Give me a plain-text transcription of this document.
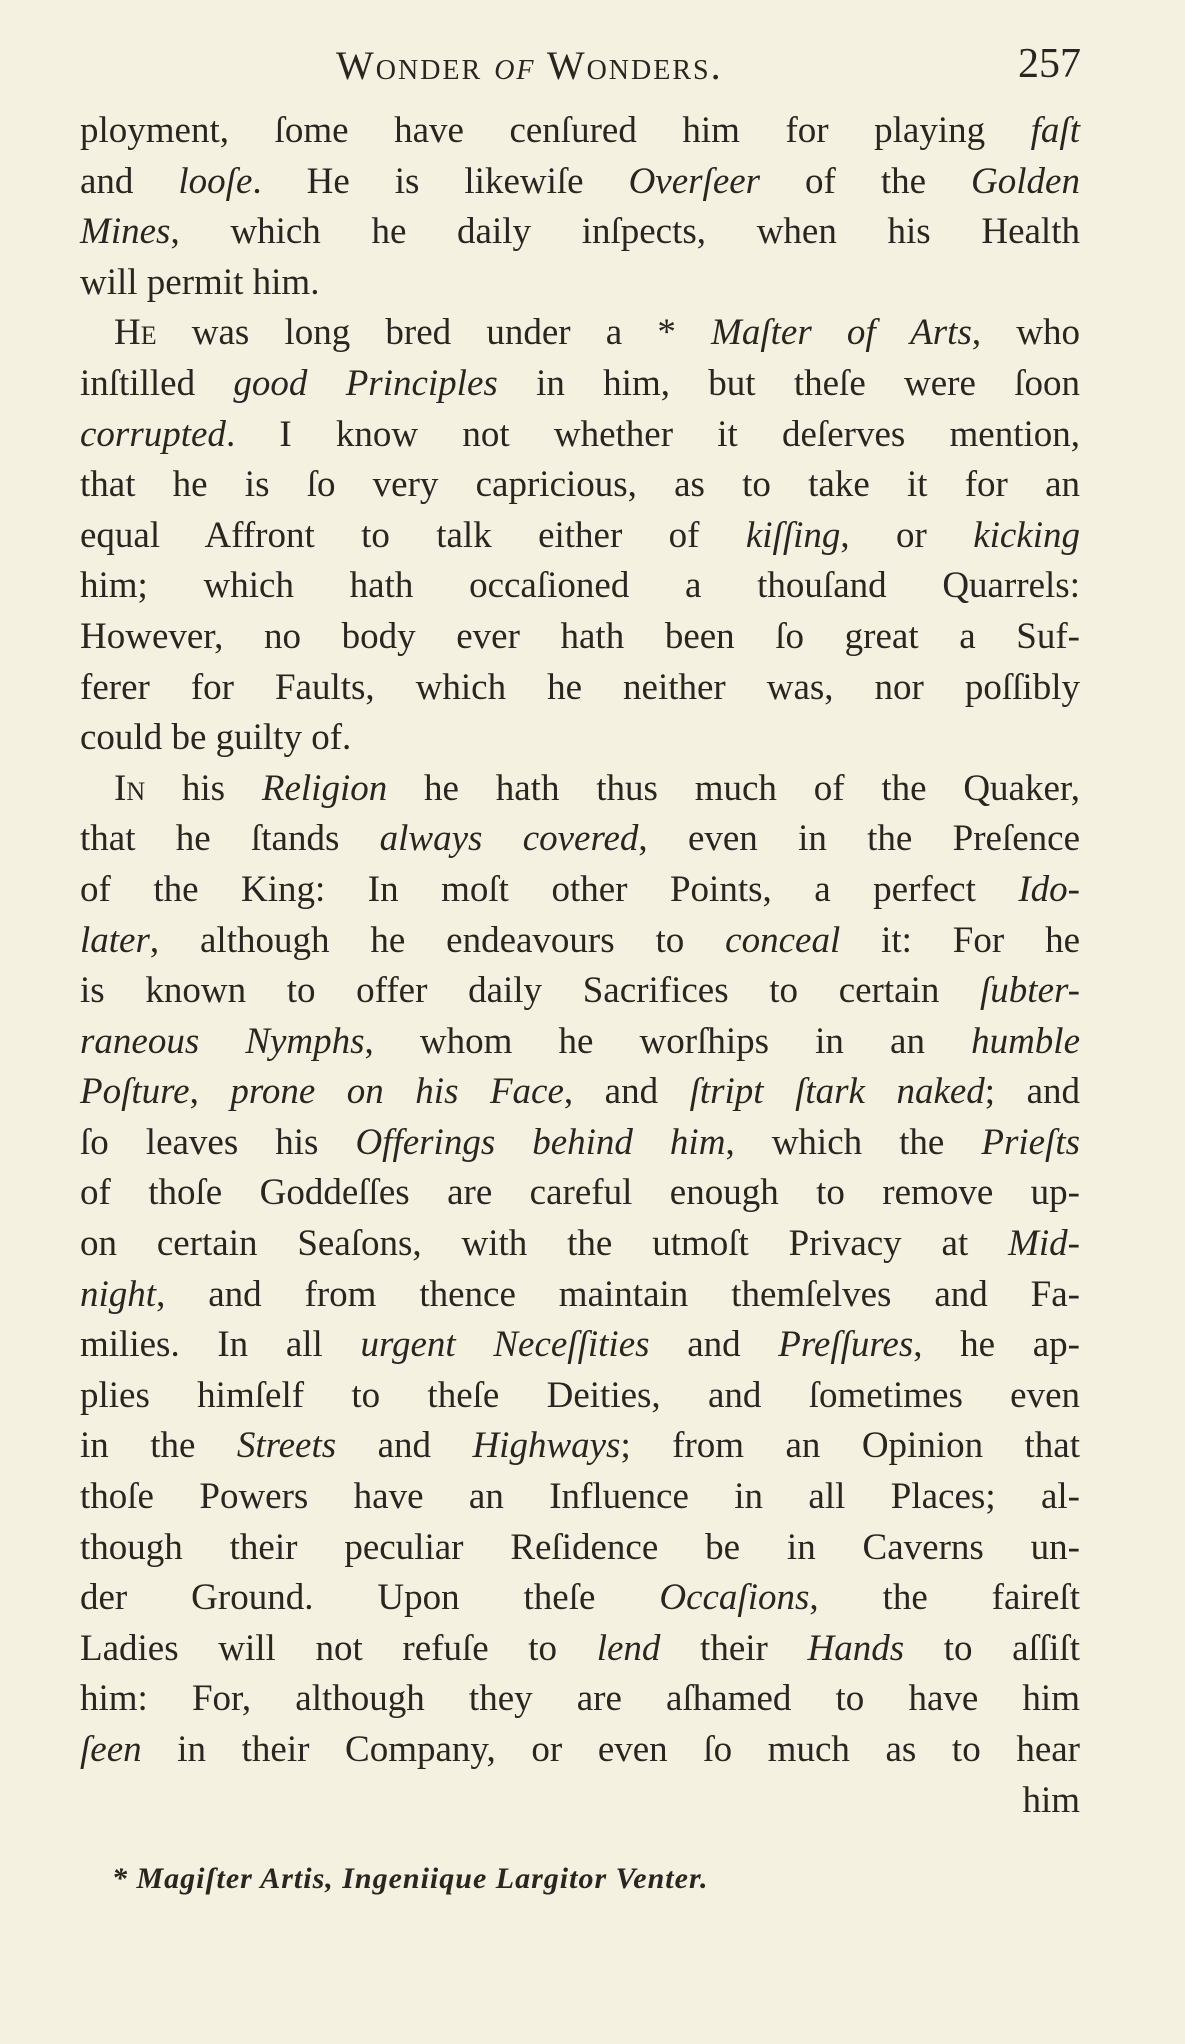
Wonder of Wonders.	257
ployment, ſome have cenſured him for playing faſt
and looſe. He is likewiſe Overſeer of the Golden
Mines, which he daily inſpects, when his Health
will permit him.
He was long bred under a * Maſter of Arts, who
inſtilled good Principles in him, but theſe were ſoon
corrupted. I know not whether it deſerves mention,
that he is ſo very capricious, as to take it for an
equal Affront to talk either of kiſſing, or kicking
him; which hath occaſioned a thouſand Quarrels:
However, no body ever hath been ſo great a Suf-
ferer for Faults, which he neither was, nor poſſibly
could be guilty of.
In his Religion he hath thus much of the Quaker,
that he ſtands always covered, even in the Preſence
of the King: In moſt other Points, a perfect Ido-
later, although he endeavours to conceal it: For he
is known to offer daily Sacrifices to certain ſubter-
raneous Nymphs, whom he worſhips in an humble
Poſture, prone on his Face, and ſtript ſtark naked; and
ſo leaves his Offerings behind him, which the Prieſts
of thoſe Goddeſſes are careful enough to remove up-
on certain Seaſons, with the utmoſt Privacy at Mid-
night, and from thence maintain themſelves and Fa-
milies. In all urgent Neceſſities and Preſſures, he ap-
plies himſelf to theſe Deities, and ſometimes even
in the Streets and Highways; from an Opinion that
thoſe Powers have an Influence in all Places; al-
though their peculiar Reſidence be in Caverns un-
der Ground. Upon theſe Occaſions, the faireſt
Ladies will not refuſe to lend their Hands to aſſiſt
him: For, although they are aſhamed to have him
ſeen in their Company, or even ſo much as to hear
him
* Magiſter Artis, Ingeniique Largitor Venter.
